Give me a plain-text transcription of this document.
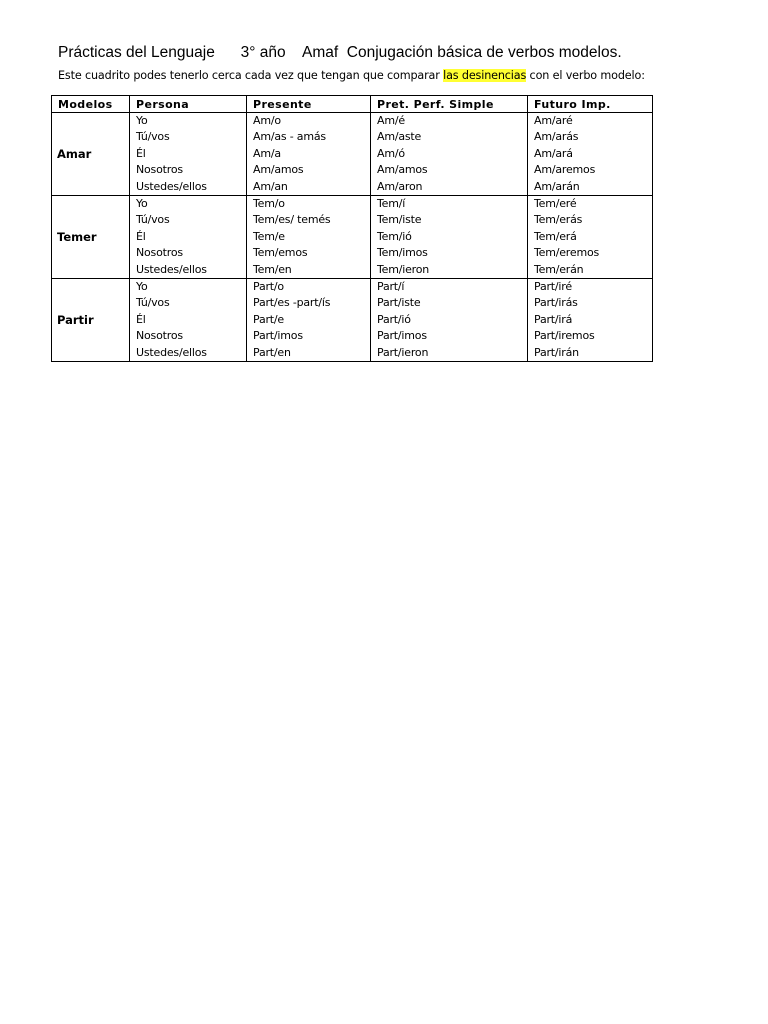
Prácticas del Lenguaje      3° año    Amaf  Conjugación básica de verbos modelos.
Este cuadrito podes tenerlo cerca cada vez que tengan que comparar las desinencias con el verbo modelo:
Modelos	Persona	Presente	Pret. Perf. Simple	Futuro Imp.
Amar	Yo	Am/o	Am/é	Am/aré
	Tú/vos	Am/as - amás	Am/aste	Am/arás
	Él	Am/a	Am/ó	Am/ará
	Nosotros	Am/amos	Am/amos	Am/aremos
	Ustedes/ellos	Am/an	Am/aron	Am/arán
Temer	Yo	Tem/o	Tem/í	Tem/eré
	Tú/vos	Tem/es/ temés	Tem/iste	Tem/erás
	Él	Tem/e	Tem/ió	Tem/erá
	Nosotros	Tem/emos	Tem/imos	Tem/eremos
	Ustedes/ellos	Tem/en	Tem/ieron	Tem/erán
Partir	Yo	Part/o	Part/í	Part/iré
	Tú/vos	Part/es -part/ís	Part/iste	Part/irás
	Él	Part/e	Part/ió	Part/irá
	Nosotros	Part/imos	Part/imos	Part/iremos
	Ustedes/ellos	Part/en	Part/ieron	Part/irán
